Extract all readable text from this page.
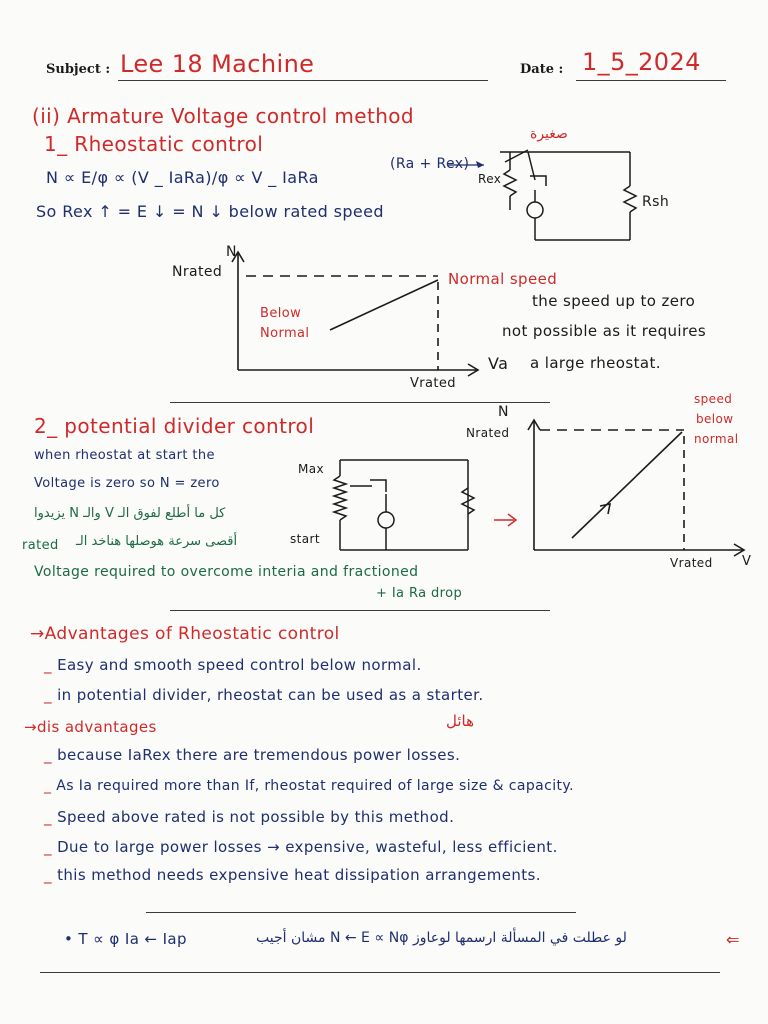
Subject : Lee 18 Machine	Date : 1_5_2024
(ii) Armature Voltage control method
1_ Rheostatic control	صغيرة
N ∝ E/φ ∝ (V _ IaRa)/φ ∝ V _ IaRa
(Ra + Rex)
So Rex ↑ = E ↓ = N ↓ below rated speed
Rex
Rsh
N
Nrated	Normal speed
Below Normal
Vrated
Va
the speed up to zero
not possible as it requires
a large rheostat.
2_ potential divider control
when rheostat at start the
Voltage is zero so N = zero
كل ما أطلع لفوق الـ V والـ N يزيدوا
أقصى سرعة هوصلها هناخد الـ
rated
Voltage required to overcome interia and fractioned
+ Ia Ra drop
Max
start
N
Nrated
speed
below
normal
Vrated V
→Advantages of Rheostatic control
_ Easy and smooth speed control below normal.
_ in potential divider, rheostat can be used as a starter.
→dis advantages	هائل
_ because IaRex there are tremendous power losses.
_ As Ia required more than If, rheostat required of large size & capacity.
_ Speed above rated is not possible by this method.
_ Due to large power losses → expensive, wasteful, less efficient.
_ this method needs expensive heat dissipation arrangements.
• T ∝ φ Ia ← Iap	لو عطلت في المسألة ارسمها لوعاوز N ← E ∝ Nφ مشان أجيب	⇐
